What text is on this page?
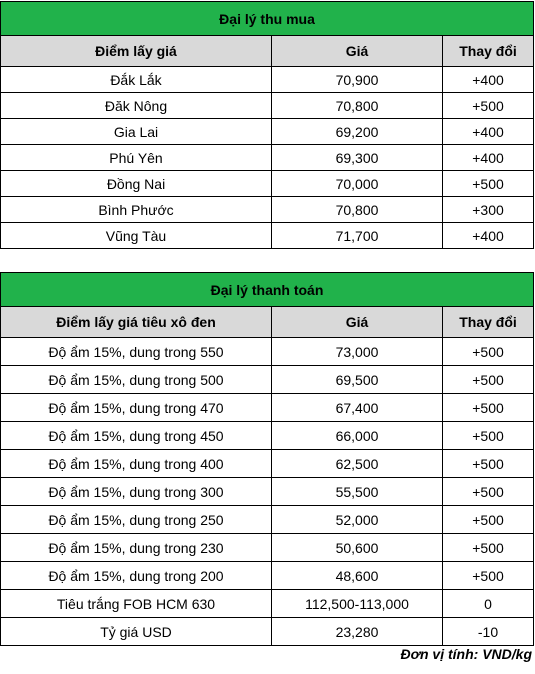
Đại lý thu mua		
Điểm lấy giá	Giá	Thay đổi
Đắk Lắk	70,900	+400
Đăk Nông	70,800	+500
Gia Lai	69,200	+400
Phú Yên	69,300	+400
Đồng Nai	70,000	+500
Bình Phước	70,800	+300
Vũng Tàu	71,700	+400
Đại lý thanh toán		
Điểm lấy giá tiêu xô đen	Giá	Thay đổi
Độ ẩm 15%, dung trong 550	73,000	+500
Độ ẩm 15%, dung trong 500	69,500	+500
Độ ẩm 15%, dung trong 470	67,400	+500
Độ ẩm 15%, dung trong 450	66,000	+500
Độ ẩm 15%, dung trong 400	62,500	+500
Độ ẩm 15%, dung trong 300	55,500	+500
Độ ẩm 15%, dung trong 250	52,000	+500
Độ ẩm 15%, dung trong 230	50,600	+500
Độ ẩm 15%, dung trong 200	48,600	+500
Tiêu trắng FOB HCM 630	112,500-113,000	0
Tỷ giá USD	23,280	-10
Đơn vị tính: VND/kg
